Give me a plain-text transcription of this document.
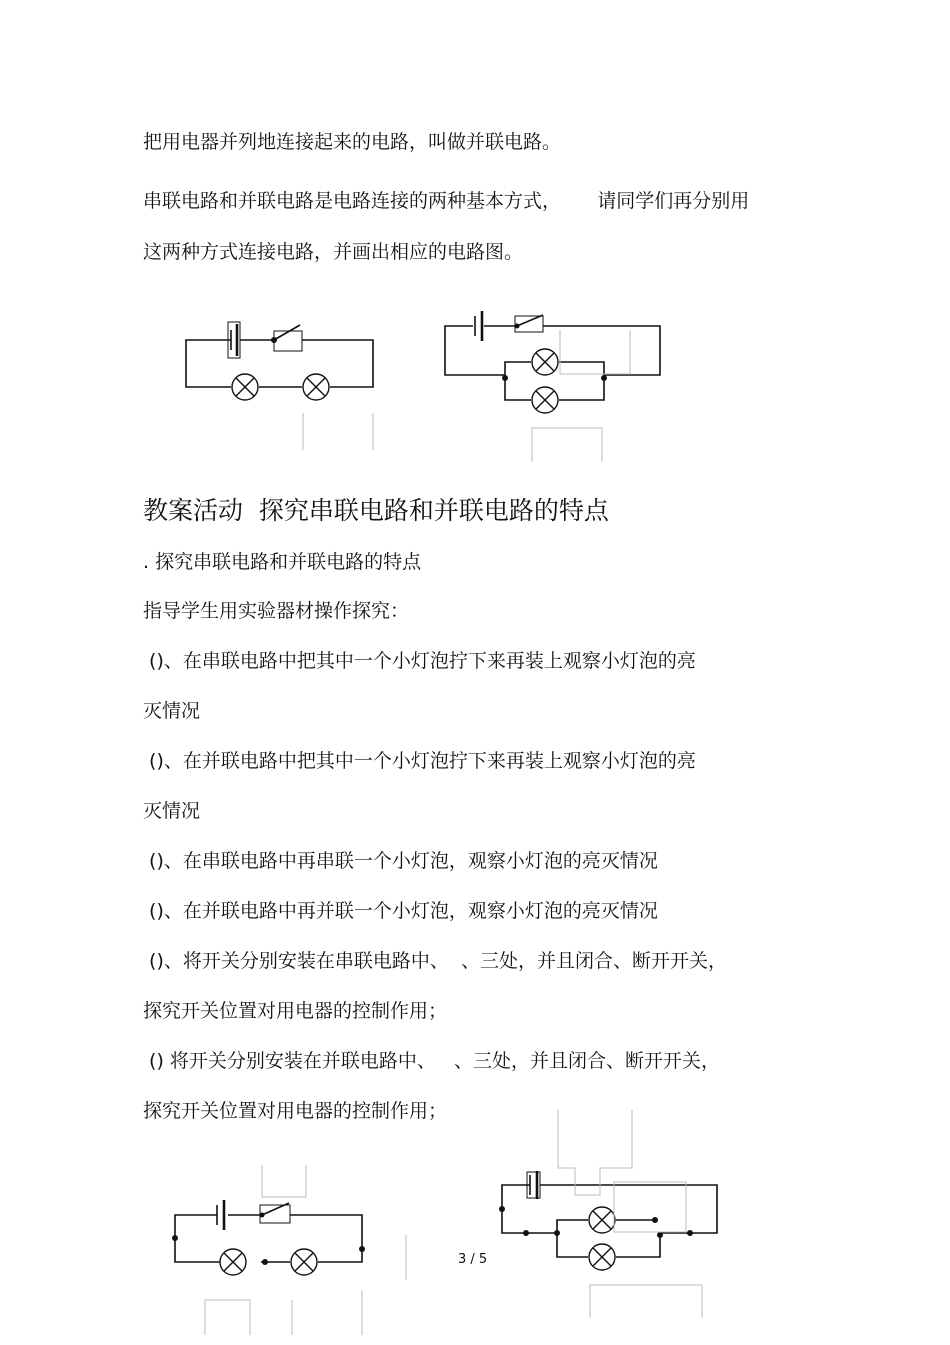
把用电器并列地连接起来的电路，叫做并联电路。
串联电路和并联电路是电路连接的两种基本方式，      请同学们再分别用
这两种方式连接电路，并画出相应的电路图。
教案活动  探究串联电路和并联电路的特点
. 探究串联电路和并联电路的特点
指导学生用实验器材操作探究：
()、在串联电路中把其中一个小灯泡拧下来再装上观察小灯泡的亮
灭情况
()、在并联电路中把其中一个小灯泡拧下来再装上观察小灯泡的亮
灭情况
()、在串联电路中再串联一个小灯泡，观察小灯泡的亮灭情况
()、在并联电路中再并联一个小灯泡，观察小灯泡的亮灭情况
()、将开关分别安装在串联电路中、  、三处，并且闭合、断开开关，
探究开关位置对用电器的控制作用；
() 将开关分别安装在并联电路中、   、三处，并且闭合、断开开关，
探究开关位置对用电器的控制作用；
3 / 5
